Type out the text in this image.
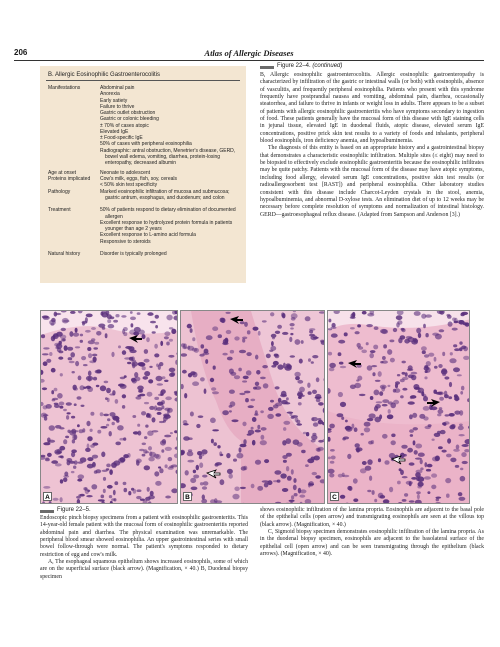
206	Atlas of Allergic Diseases
B. Allergic Eosinophilic Gastroenterocolitis
Manifestations	Abdominal pain
Anorexia
Early satiety
Failure to thrive
Gastric outlet obstruction
Gastric or colonic bleeding
± 70% of cases atopic
Elevated IgE
± Food-specific IgE
50% of cases with peripheral eosinophilia
Radiographic: antral obstruction, Menetrier's disease, GERD, bowel wall edema, vomiting, diarrhea, protein-losing enteropathy, decreased albumin
Age at onset	Neonate to adolescent
Proteins implicated	Cow's milk, eggs, fish, soy, cereals
< 50% skin test specificity
Pathology	Marked eosinophilic infiltration of mucosa and submucosa; gastric antrum, esophagus, and duodenum; and colon
Treatment	50% of patients respond to dietary elimination of documented allergen
Excellent response to hydrolyzed protein formula in patients younger than age 2 years
Excellent response to L-amino acid formula
Responsive to steroids
Natural history	Disorder is typically prolonged
Figure 22–4. (continued)

B, Allergic eosinophilic gastroenterocolitis. Allergic eosinophilic gastroenteropathy is characterized by infiltration of the gastric or intestinal walls (or both) with eosinophils, absence of vasculitis, and frequently peripheral eosinophilia. Patients who present with this syndrome frequently have postprandial nausea and vomiting, abdominal pain, diarrhea, occasionally steatorrhea, and failure to thrive in infants or weight loss in adults. There appears to be a subset of patients with allergic eosinophilic gastroenteritis who have symptoms secondary to ingestion of food. These patients generally have the mucosal form of this disease with IgE staining cells in jejunal tissue, elevated IgE in duodenal fluids, atopic disease, elevated serum IgE concentrations, positive prick skin test results to a variety of foods and inhalants, peripheral blood eosinophils, iron deficiency anemia, and hypoalbuminemia.

The diagnosis of this entity is based on an appropriate history and a gastrointestinal biopsy that demonstrates a characteristic eosinophilic infiltration. Multiple sites (≤ eight) may need to be biopsied to effectively exclude eosinophilic gastroenteritis because the eosinophilic infiltrates may be quite patchy. Patients with the mucosal form of the disease may have atopic symptoms, including food allergy, elevated serum IgE concentrations, positive skin test results (or radioallergosorbent test [RAST]) and peripheral eosinophilia. Other laboratory studies consistent with this disease include Charcot-Leyden crystals in the stool, anemia, hypoalbuminemia, and abnormal D-xylose tests. An elimination diet of up to 12 weeks may be necessary before complete resolution of symptoms and normalization of intestinal histology. GERD—gastroesophageal reflux disease. (Adapted from Sampson and Anderson [3].)

A	B	C
Figure 22–5.

Endoscopic pinch biopsy specimens from a patient with eosinophilic gastroenteritis. This 14-year-old female patient with the mucosal form of eosinophilic gastroenteritis reported abdominal pain and diarrhea. The physical examination was unremarkable. The peripheral blood smear showed eosinophilia. An upper gastrointestinal series with small bowel follow-through were normal. The patient's symptoms responded to dietary restriction of egg and cow's milk.

A, The esophageal squamous epithelium shows increased eosinophils, some of which are on the superficial surface (black arrow). (Magnification, × 40.) B, Duodenal biopsy specimen

shows eosinophilic infiltration of the lamina propria. Eosinophils are adjacent to the basal pole of the epithelial cells (open arrow) and transmigrating eosinophils are seen at the villous top (black arrow). (Magnification, × 40.)

C, Sigmoid biopsy specimen demonstrates eosinophilic infiltration of the lamina propria. As in the duodenal biopsy specimen, eosinophils are adjacent to the basolateral surface of the epithelial cell (open arrow) and can be seen transmigrating through the epithelium (black arrows). (Magnification, × 40).
